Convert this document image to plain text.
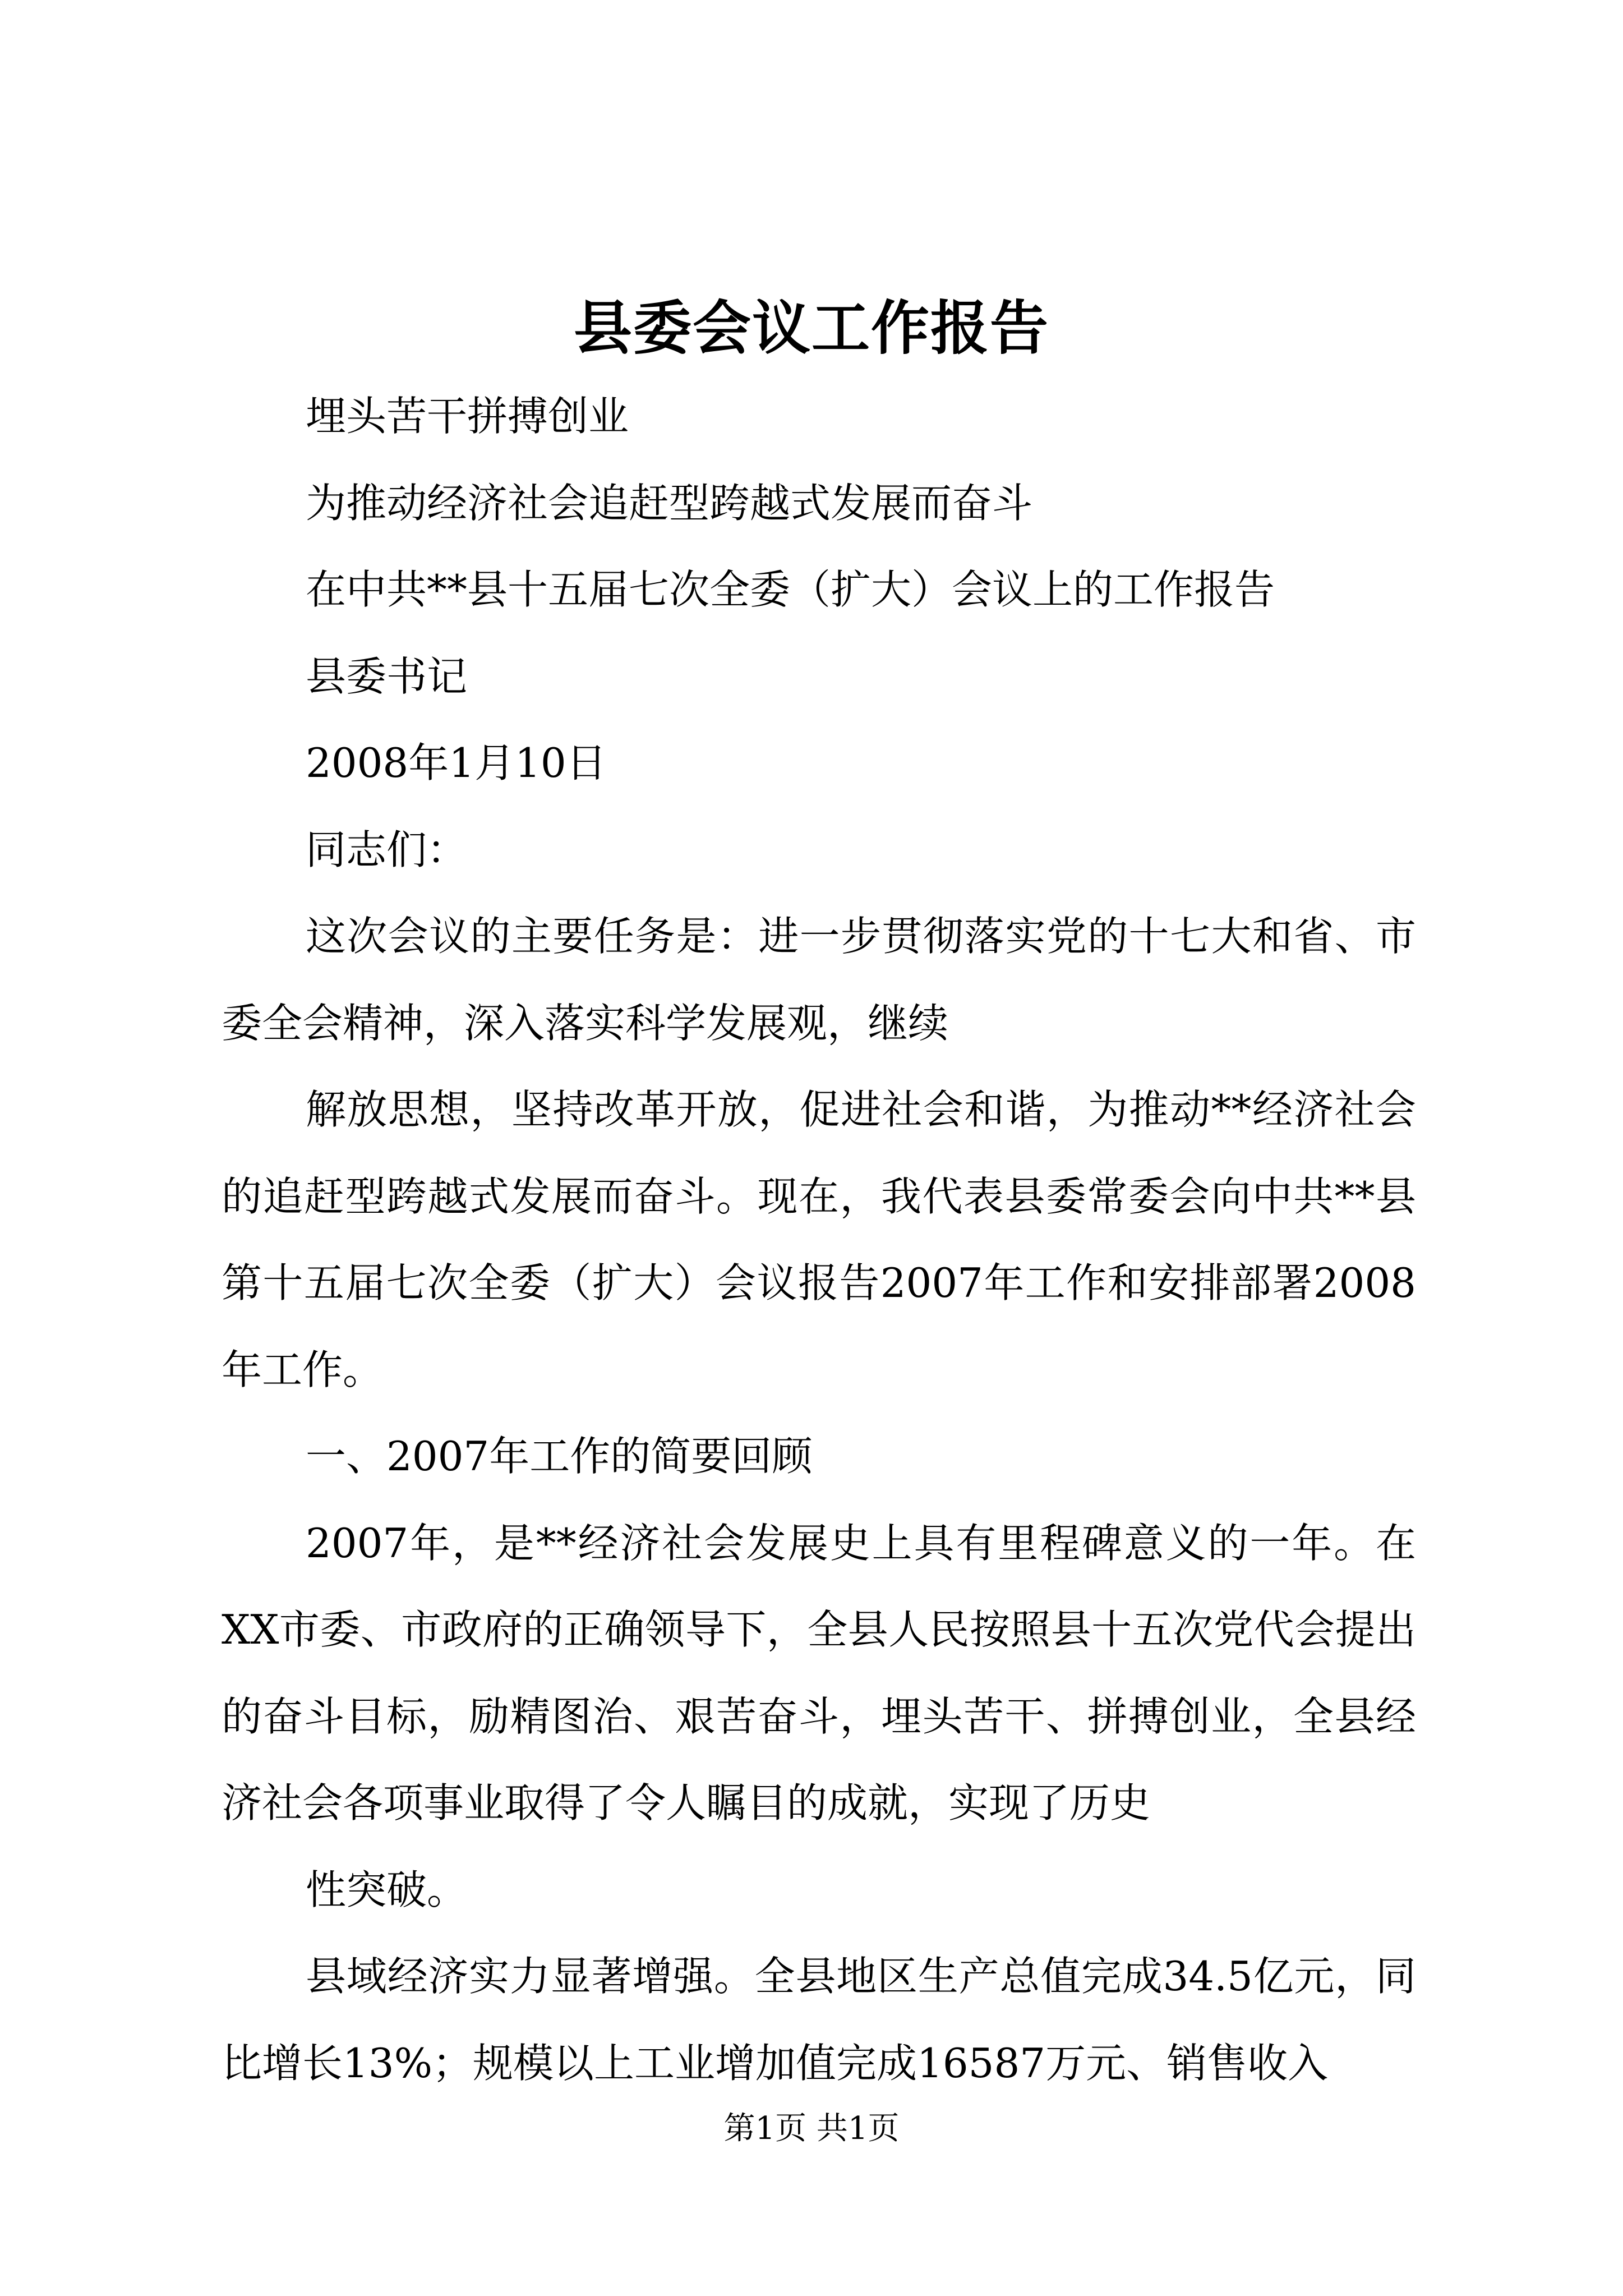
县委会议工作报告

埋头苦干拼搏创业

为推动经济社会追赶型跨越式发展而奋斗

在中共**县十五届七次全委（扩大）会议上的工作报告

县委书记

2008年1月10日

同志们：

这次会议的主要任务是：进一步贯彻落实党的十七大和省、市委全会精神，深入落实科学发展观，继续

解放思想，坚持改革开放，促进社会和谐，为推动**经济社会的追赶型跨越式发展而奋斗。现在，我代表县委常委会向中共**县第十五届七次全委（扩大）会议报告2007年工作和安排部署2008年工作。

一、2007年工作的简要回顾

2007年，是**经济社会发展史上具有里程碑意义的一年。在XX市委、市政府的正确领导下，全县人民按照县十五次党代会提出的奋斗目标，励精图治、艰苦奋斗，埋头苦干、拼搏创业，全县经济社会各项事业取得了令人瞩目的成就，实现了历史

性突破。

县域经济实力显著增强。全县地区生产总值完成34.5亿元，同比增长13%；规模以上工业增加值完成16587万元、销售收入

第1页 共1页
